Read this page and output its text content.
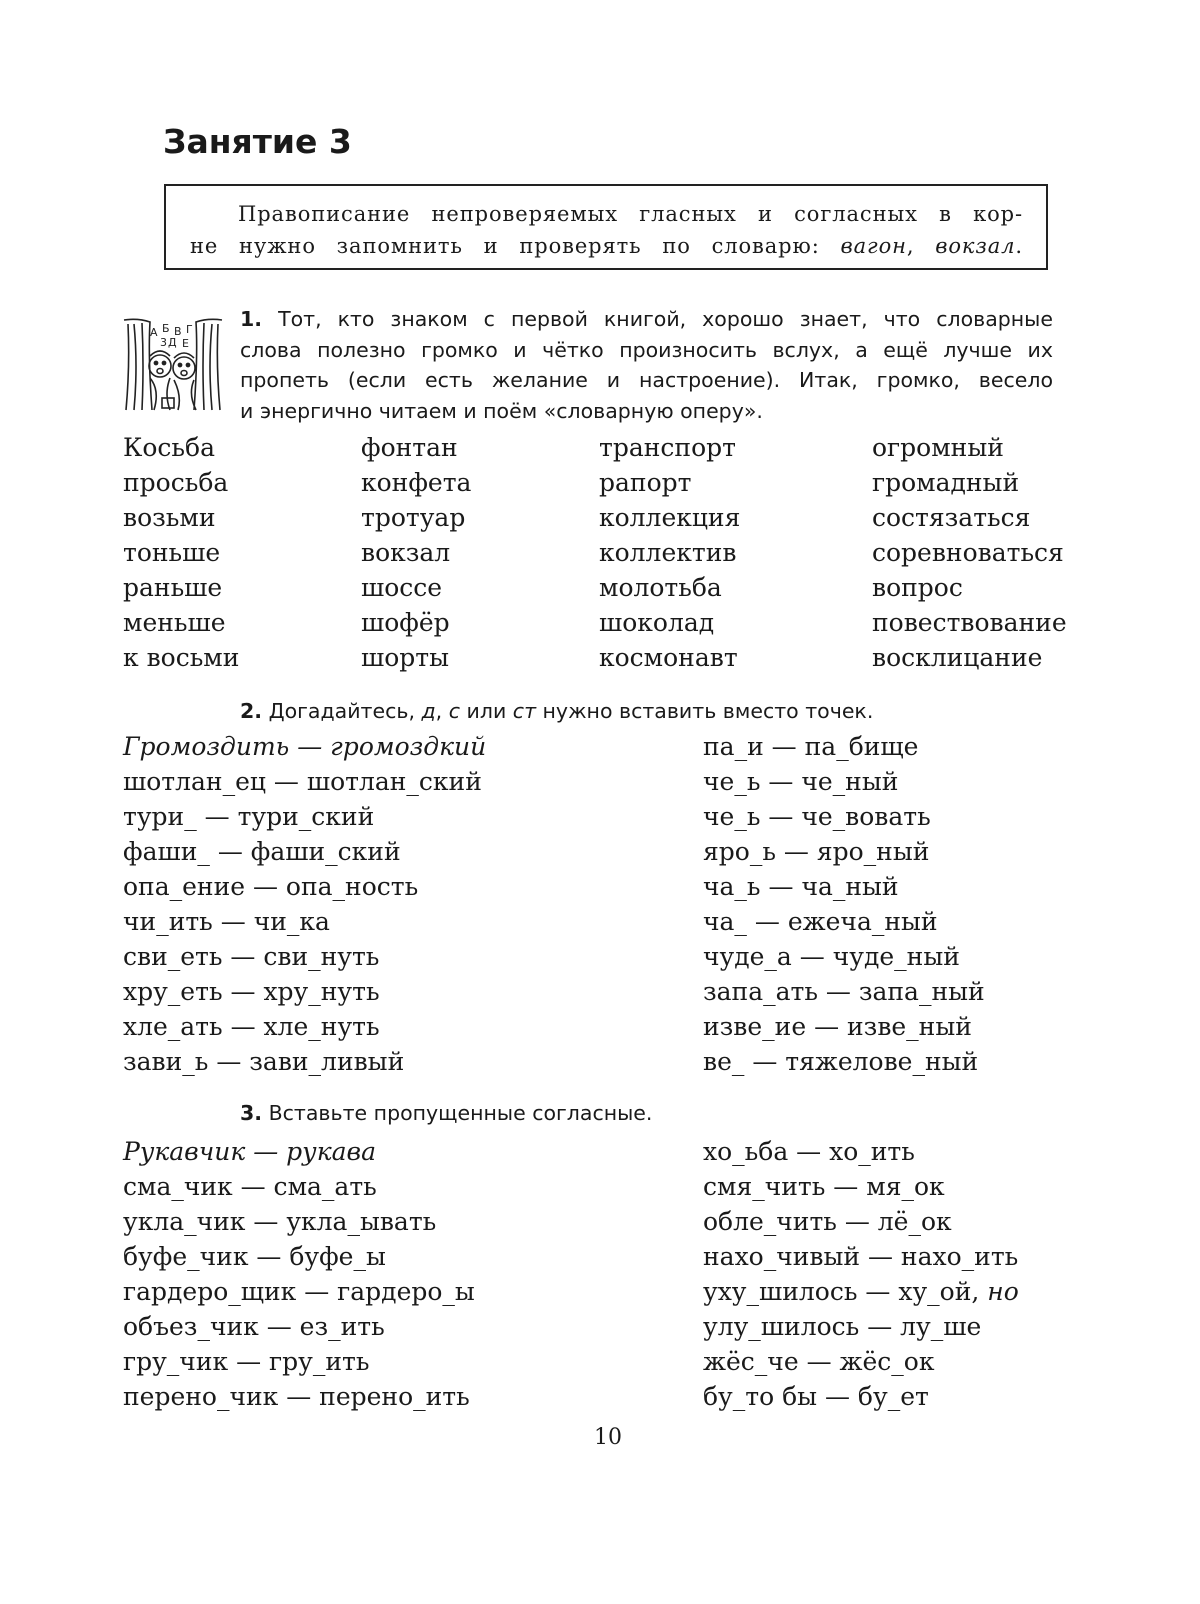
Занятие 3

Правописание непроверяемых гласных и согласных в кор-

не нужно запомнить и проверять по словарю: вагон, вокзал.

А Б В Г
Д Е
3

1. Тот, кто знаком с первой книгой, хорошо знает, что словарные

слова полезно громко и чётко произносить вслух, а ещё лучше их

пропеть (если есть желание и настроение). Итак, громко, весело

и энергично читаем и поём «словарную оперу».

Косьба
просьба
возьми
тоньше
раньше
меньше
к восьми
фонтан
конфета
тротуар
вокзал
шоссе
шофёр
шорты
транспорт
рапорт
коллекция
коллектив
молотьба
шоколад
космонавт
огромный
громадный
состязаться
соревноваться
вопрос
повествование
восклицание
2. Догадайтесь, д, с или ст нужно вставить вместо точек.
Громоздить — громоздкий
шотлан_ец — шотлан_ский
тури_ — тури_ский
фаши_ — фаши_ский
опа_ение — опа_ность
чи_ить — чи_ка
сви_еть — сви_нуть
хру_еть — хру_нуть
хле_ать — хле_нуть
зави_ь — зави_ливый
па_и — па_бище
че_ь — че_ный
че_ь — че_вовать
яро_ь — яро_ный
ча_ь — ча_ный
ча_ — ежеча_ный
чуде_а — чуде_ный
запа_ать — запа_ный
изве_ие — изве_ный
ве_ — тяжелове_ный
3. Вставьте пропущенные согласные.
Рукавчик — рукава
сма_чик — сма_ать
укла_чик — укла_ывать
буфе_чик — буфе_ы
гардеро_щик — гардеро_ы
объез_чик — ез_ить
гру_чик — гру_ить
перено_чик — перено_ить
хо_ьба — хо_ить
смя_чить — мя_ок
обле_чить — лё_ок
нахо_чивый — нахо_ить
уху_шилось — ху_ой, но
улу_шилось — лу_ше
жёс_че — жёс_ок
бу_то бы — бу_ет
10
